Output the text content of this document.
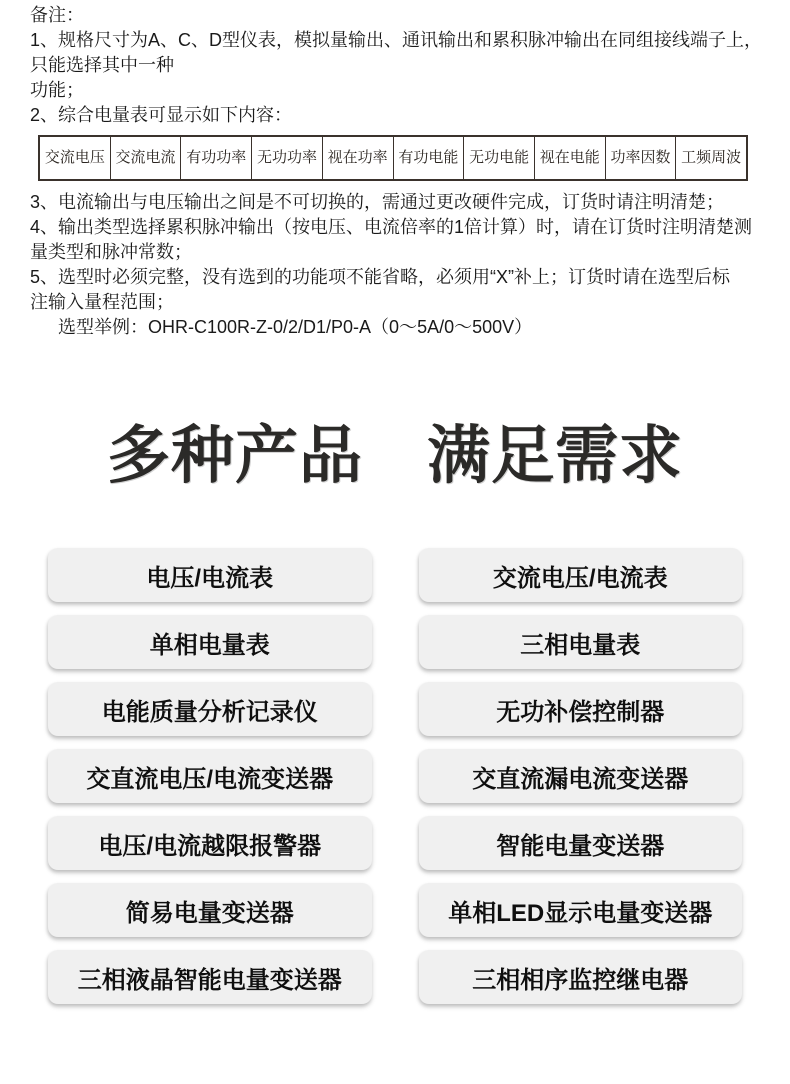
备注：
1、规格尺寸为A、C、D型仪表，模拟量输出、通讯输出和累积脉冲输出在同组接线端子上，
只能选择其中一种
功能；
2、综合电量表可显示如下内容：
交流电压 交流电流 有功功率 无功功率 视在功率 有功电能 无功电能 视在电能 功率因数 工频周波
3、电流输出与电压输出之间是不可切换的，需通过更改硬件完成，订货时请注明清楚；
4、输出类型选择累积脉冲输出（按电压、电流倍率的1倍计算）时，请在订货时注明清楚测
量类型和脉冲常数；
5、选型时必须完整，没有选到的功能项不能省略，必须用“X”补上；订货时请在选型后标
注输入量程范围；
选型举例：OHR-C100R-Z-0/2/D1/P0-A（0～5A/0～500V）
多种产品　满足需求
电压/电流表	交流电压/电流表
单相电量表	三相电量表
电能质量分析记录仪	无功补偿控制器
交直流电压/电流变送器	交直流漏电流变送器
电压/电流越限报警器	智能电量变送器
简易电量变送器	单相LED显示电量变送器
三相液晶智能电量变送器	三相相序监控继电器
